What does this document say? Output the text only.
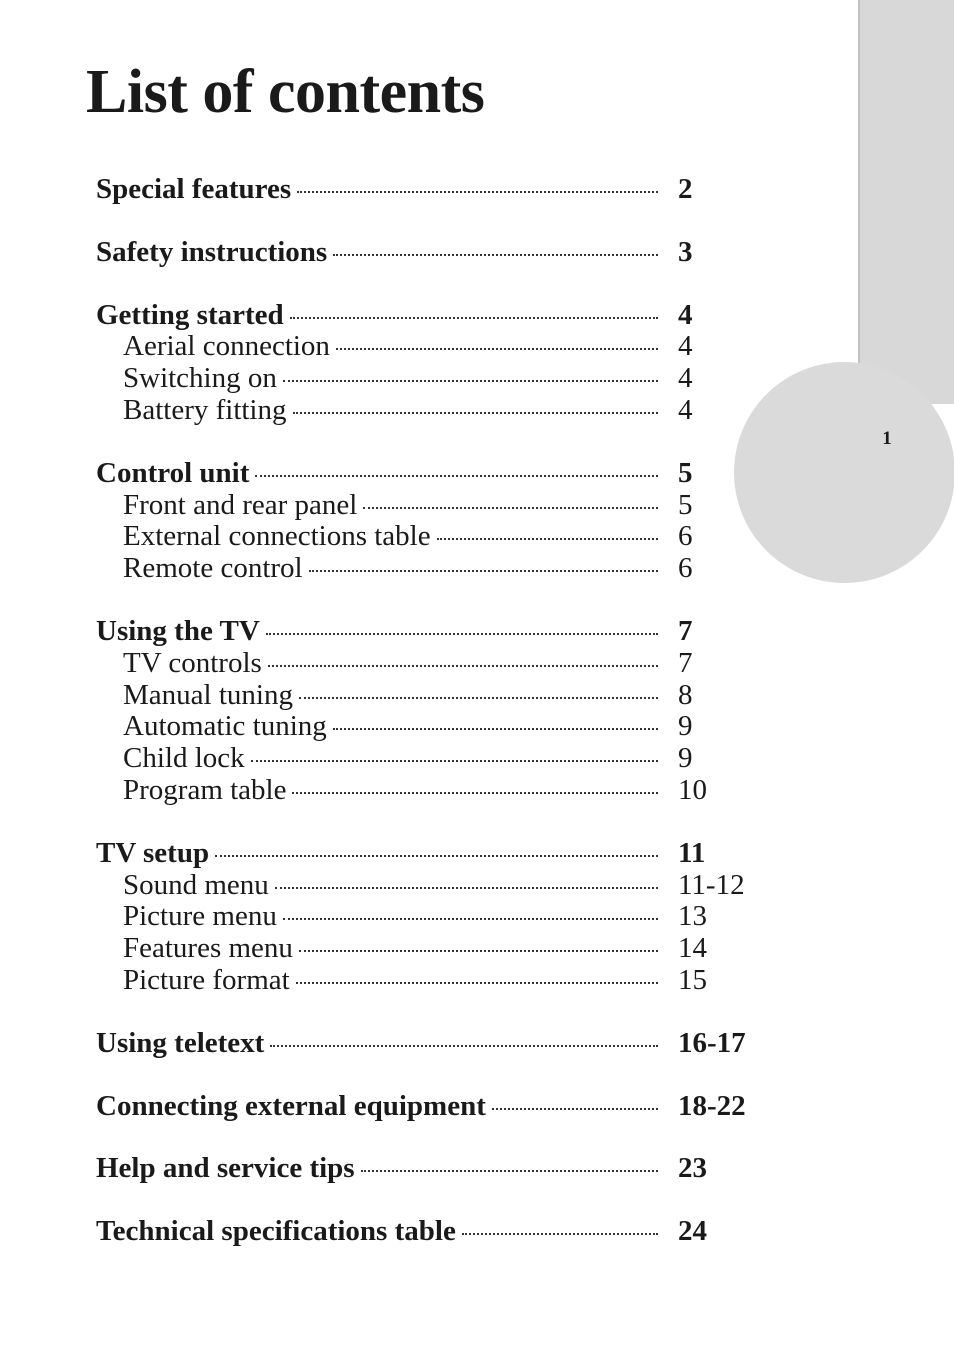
1
List of contents
Special features	2
Safety instructions	3
Getting started	4
Aerial connection	4
Switching on	4
Battery fitting	4
Control unit	5
Front and rear panel	5
External connections table	6
Remote control	6
Using the TV	7
TV controls	7
Manual tuning	8
Automatic tuning	9
Child lock	9
Program table	10
TV setup	11
Sound menu	11-12
Picture menu	13
Features menu	14
Picture format	15
Using teletext	16-17
Connecting external equipment	18-22
Help and service tips	23
Technical specifications table	24
